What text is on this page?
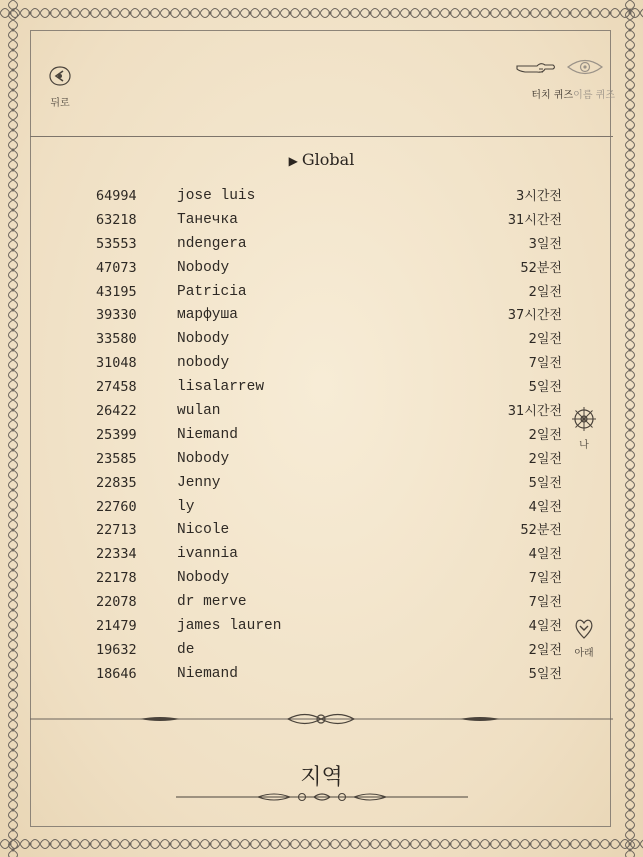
뒤로
터치 퀴즈이름 퀴즈
▶ Global
64994	jose luis	3시간전
63218	Танечка	31시간전
53553	ndengera	3일전
47073	Nobody	52분전
43195	Patricia	2일전
39330	марфуша	37시간전
33580	Nobody	2일전
31048	nobody	7일전
27458	lisalarrew	5일전
26422	wulan	31시간전
25399	Niemand	2일전
23585	Nobody	2일전
22835	Jenny	5일전
22760	ly	4일전
22713	Nicole	52분전
22334	ivannia	4일전
22178	Nobody	7일전
22078	dr merve	7일전
21479	james lauren	4일전
19632	de	2일전
18646	Niemand	5일전
나
아래
지역
